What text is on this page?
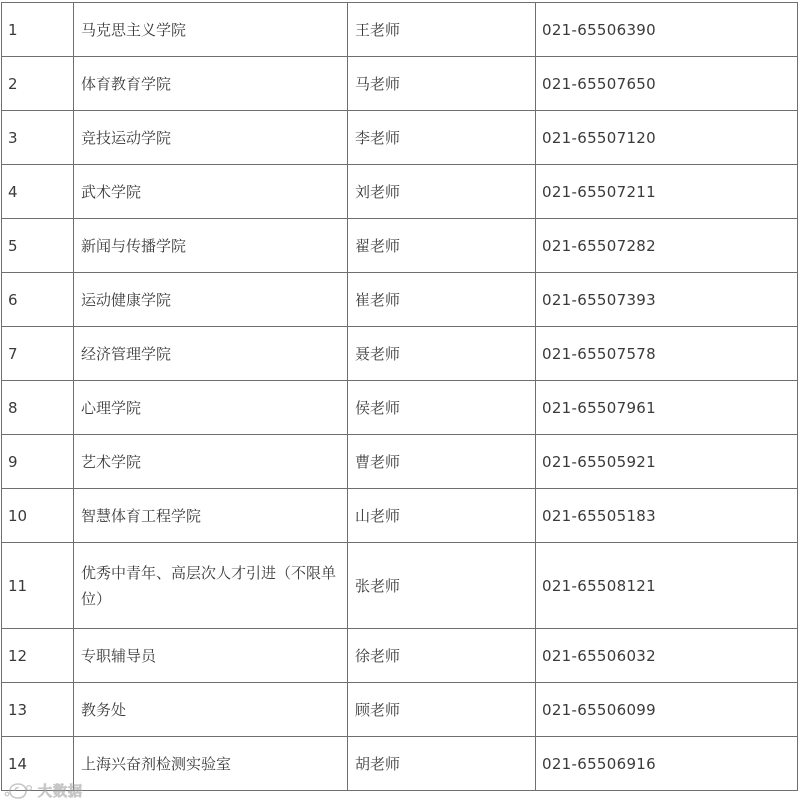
1	马克思主义学院	王老师	021-65506390
2	体育教育学院	马老师	021-65507650
3	竞技运动学院	李老师	021-65507120
4	武术学院	刘老师	021-65507211
5	新闻与传播学院	翟老师	021-65507282
6	运动健康学院	崔老师	021-65507393
7	经济管理学院	聂老师	021-65507578
8	心理学院	侯老师	021-65507961
9	艺术学院	曹老师	021-65505921
10	智慧体育工程学院	山老师	021-65505183
11	优秀中青年、高层次人才引进（不限单位）	张老师	021-65508121
12	专职辅导员	徐老师	021-65506032
13	教务处	顾老师	021-65506099
14	上海兴奋剂检测实验室	胡老师	021-65506916
大数据
